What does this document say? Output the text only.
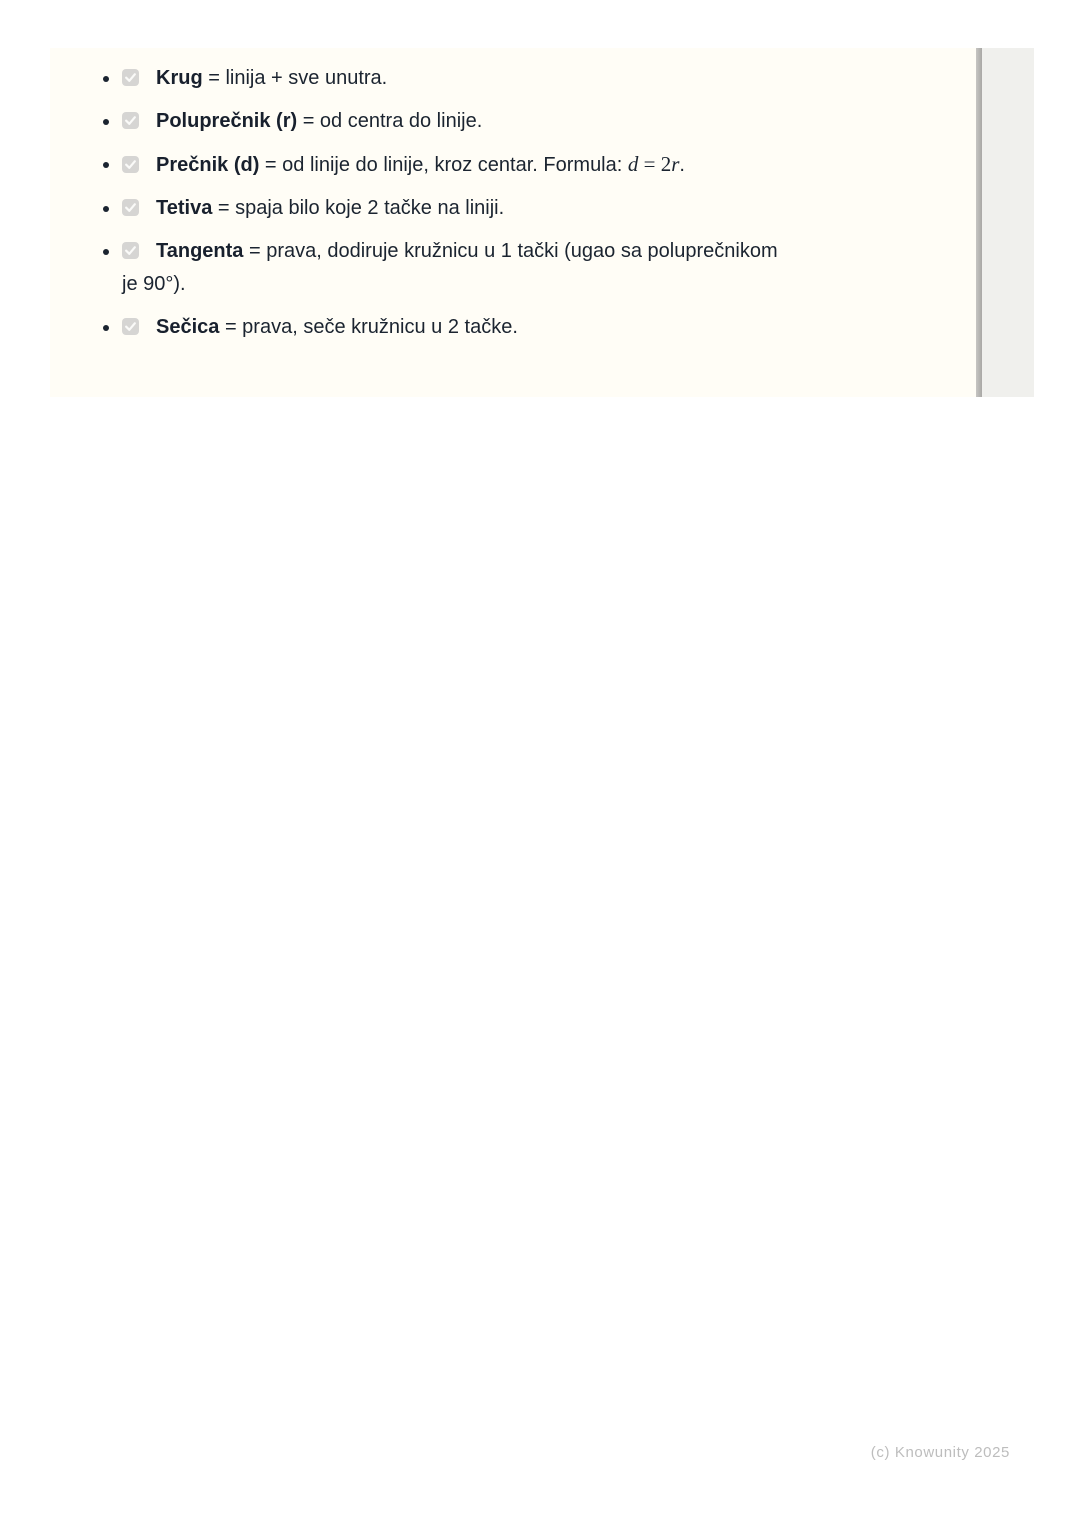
Krug = linija + sve unutra.
Poluprečnik (r) = od centra do linije.
Prečnik (d) = od linije do linije, kroz centar. Formula: d = 2r.
Tetiva = spaja bilo koje 2 tačke na liniji.
Tangenta = prava, dodiruje kružnicu u 1 tački (ugao sa poluprečnikom
je 90°).
Sečica = prava, seče kružnicu u 2 tačke.
(c) Knowunity 2025
